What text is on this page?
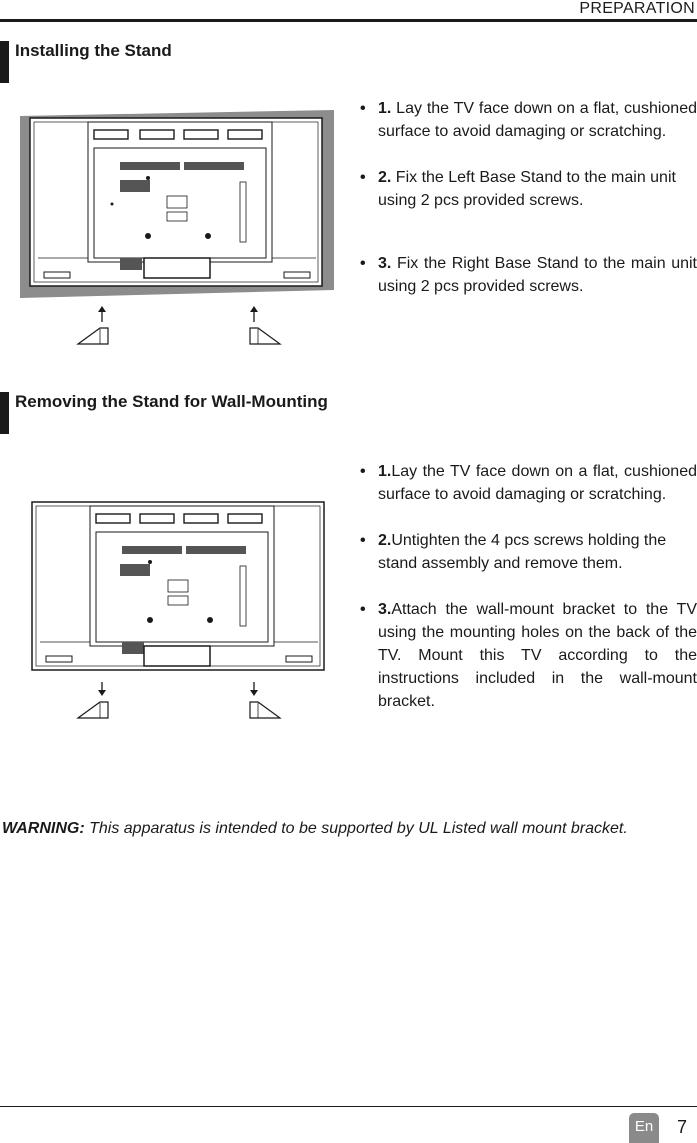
PREPARATION
Installing the Stand
• 1. Lay the TV face down on a flat, cushioned surface to avoid damaging or scratching.
• 2. Fix the Left Base Stand to the main unit using 2 pcs provided screws.
• 3. Fix the Right Base Stand to the main unit using 2 pcs provided screws.
Removing the Stand for Wall-Mounting
• 1.Lay the TV face down on a flat, cushioned surface to avoid damaging or scratching.
• 2.Untighten the 4 pcs screws holding the stand assembly and remove them.
• 3.Attach the wall-mount bracket to the TV using the mounting holes on the back of the TV. Mount this TV according to the instructions included in the wall-mount bracket.
WARNING: This apparatus is intended to be supported by UL Listed wall mount bracket.
En	7
